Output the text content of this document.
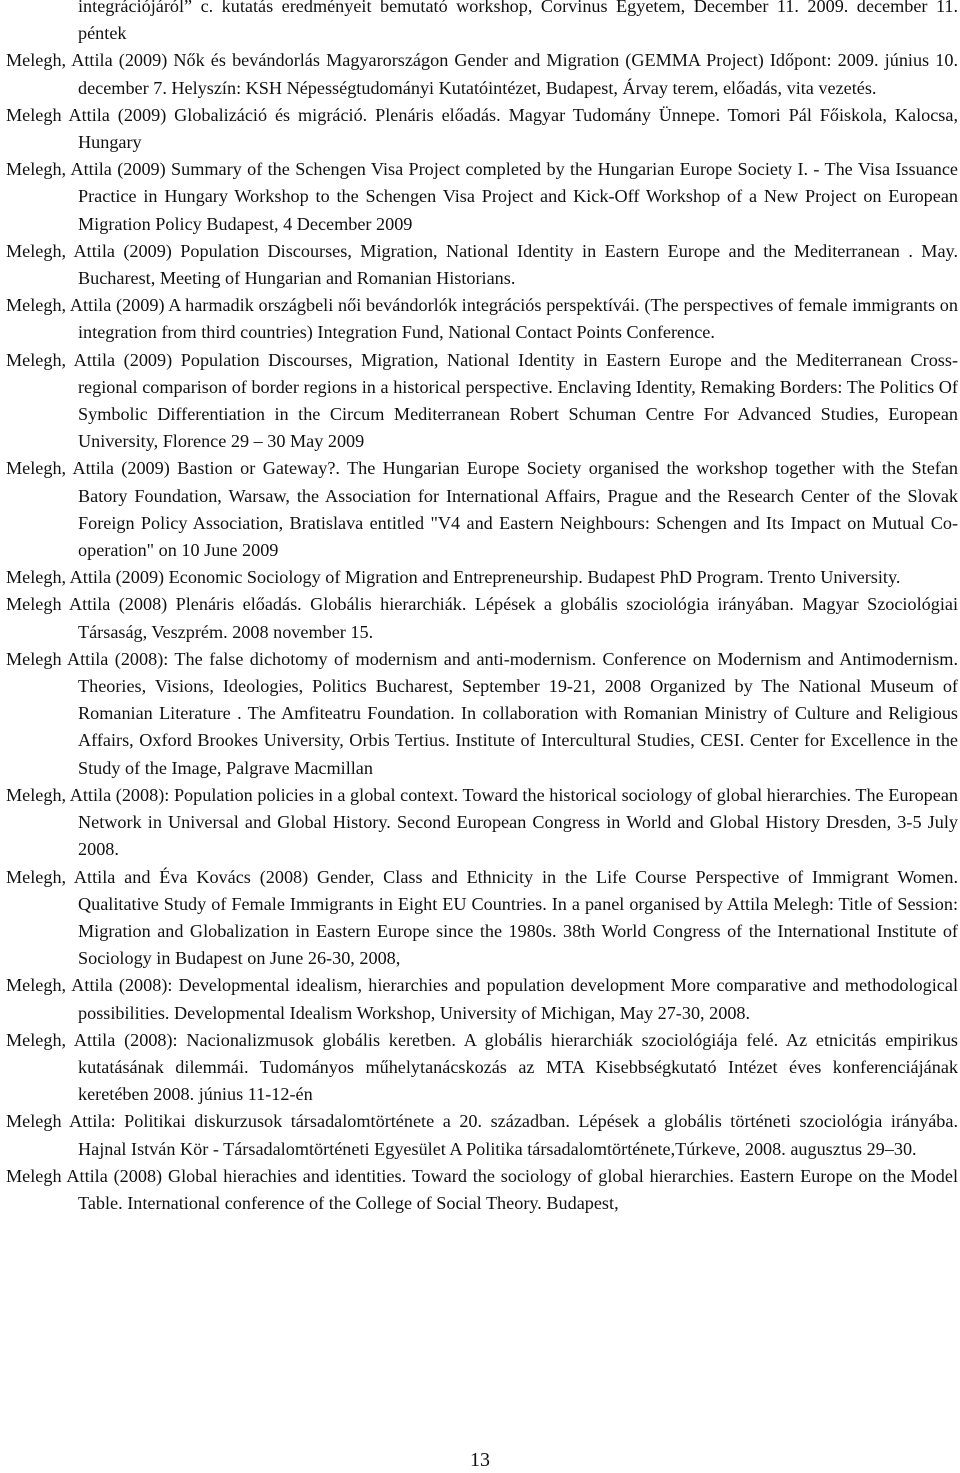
integrációjáról” c. kutatás eredményeit bemutató workshop, Corvinus Egyetem, December 11. 2009. december 11. péntek

Melegh, Attila (2009) Nők és bevándorlás Magyarországon Gender and Migration (GEMMA Project) Időpont: 2009. június 10. december 7. Helyszín: KSH Népességtudományi Kutatóintézet, Budapest, Árvay terem, előadás, vita vezetés.

Melegh Attila (2009) Globalizáció és migráció. Plenáris előadás. Magyar Tudomány Ünnepe. Tomori Pál Főiskola, Kalocsa, Hungary

Melegh, Attila (2009) Summary of the Schengen Visa Project completed by the Hungarian Europe Society I. - The Visa Issuance Practice in Hungary Workshop to the Schengen Visa Project and Kick-Off Workshop of a New Project on European Migration Policy Budapest, 4 December 2009

Melegh, Attila (2009) Population Discourses, Migration, National Identity in Eastern Europe and the Mediterranean . May. Bucharest, Meeting of Hungarian and Romanian Historians.

Melegh, Attila (2009) A harmadik országbeli női bevándorlók integrációs perspektívái. (The perspectives of female immigrants on integration from third countries) Integration Fund, National Contact Points Conference.

Melegh, Attila (2009) Population Discourses, Migration, National Identity in Eastern Europe and the Mediterranean Cross-regional comparison of border regions in a historical perspective. Enclaving Identity, Remaking Borders: The Politics Of Symbolic Differentiation in the Circum Mediterranean Robert Schuman Centre For Advanced Studies, European University, Florence 29 – 30 May 2009

Melegh, Attila (2009) Bastion or Gateway?. The Hungarian Europe Society organised the workshop together with the Stefan Batory Foundation, Warsaw, the Association for International Affairs, Prague and the Research Center of the Slovak Foreign Policy Association, Bratislava entitled "V4 and Eastern Neighbours: Schengen and Its Impact on Mutual Co-operation" on 10 June 2009

Melegh, Attila (2009) Economic Sociology of Migration and Entrepreneurship. Budapest PhD Program. Trento University.

Melegh Attila (2008) Plenáris előadás. Globális hierarchiák. Lépések a globális szociológia irányában. Magyar Szociológiai Társaság, Veszprém. 2008 november 15.

Melegh Attila (2008): The false dichotomy of modernism and anti-modernism. Conference on Modernism and Antimodernism. Theories, Visions, Ideologies, Politics Bucharest, September 19-21, 2008 Organized by The National Museum of Romanian Literature . The Amfiteatru Foundation. In collaboration with Romanian Ministry of Culture and Religious Affairs, Oxford Brookes University, Orbis Tertius. Institute of Intercultural Studies, CESI. Center for Excellence in the Study of the Image, Palgrave Macmillan

Melegh, Attila (2008): Population policies in a global context. Toward the historical sociology of global hierarchies. The European Network in Universal and Global History. Second European Congress in World and Global History Dresden, 3-5 July 2008.

Melegh, Attila and Éva Kovács (2008) Gender, Class and Ethnicity in the Life Course Perspective of Immigrant Women. Qualitative Study of Female Immigrants in Eight EU Countries. In a panel organised by Attila Melegh: Title of Session: Migration and Globalization in Eastern Europe since the 1980s. 38th World Congress of the International Institute of Sociology in Budapest on June 26-30, 2008,

Melegh, Attila (2008): Developmental idealism, hierarchies and population development More comparative and methodological possibilities. Developmental Idealism Workshop, University of Michigan, May 27-30, 2008.

Melegh, Attila (2008): Nacionalizmusok globális keretben. A globális hierarchiák szociológiája felé. Az etnicitás empirikus kutatásának dilemmái. Tudományos műhelytanácskozás az MTA Kisebbségkutató Intézet éves konferenciájának keretében 2008. június 11-12-én

Melegh Attila: Politikai diskurzusok társadalomtörténete a 20. században. Lépések a globális történeti szociológia irányába. Hajnal István Kör - Társadalomtörténeti Egyesület A Politika társadalomtörténete,Túrkeve, 2008. augusztus 29–30.

Melegh Attila (2008) Global hierachies and identities. Toward the sociology of global hierarchies. Eastern Europe on the Model Table. International conference of the College of Social Theory. Budapest,

13
